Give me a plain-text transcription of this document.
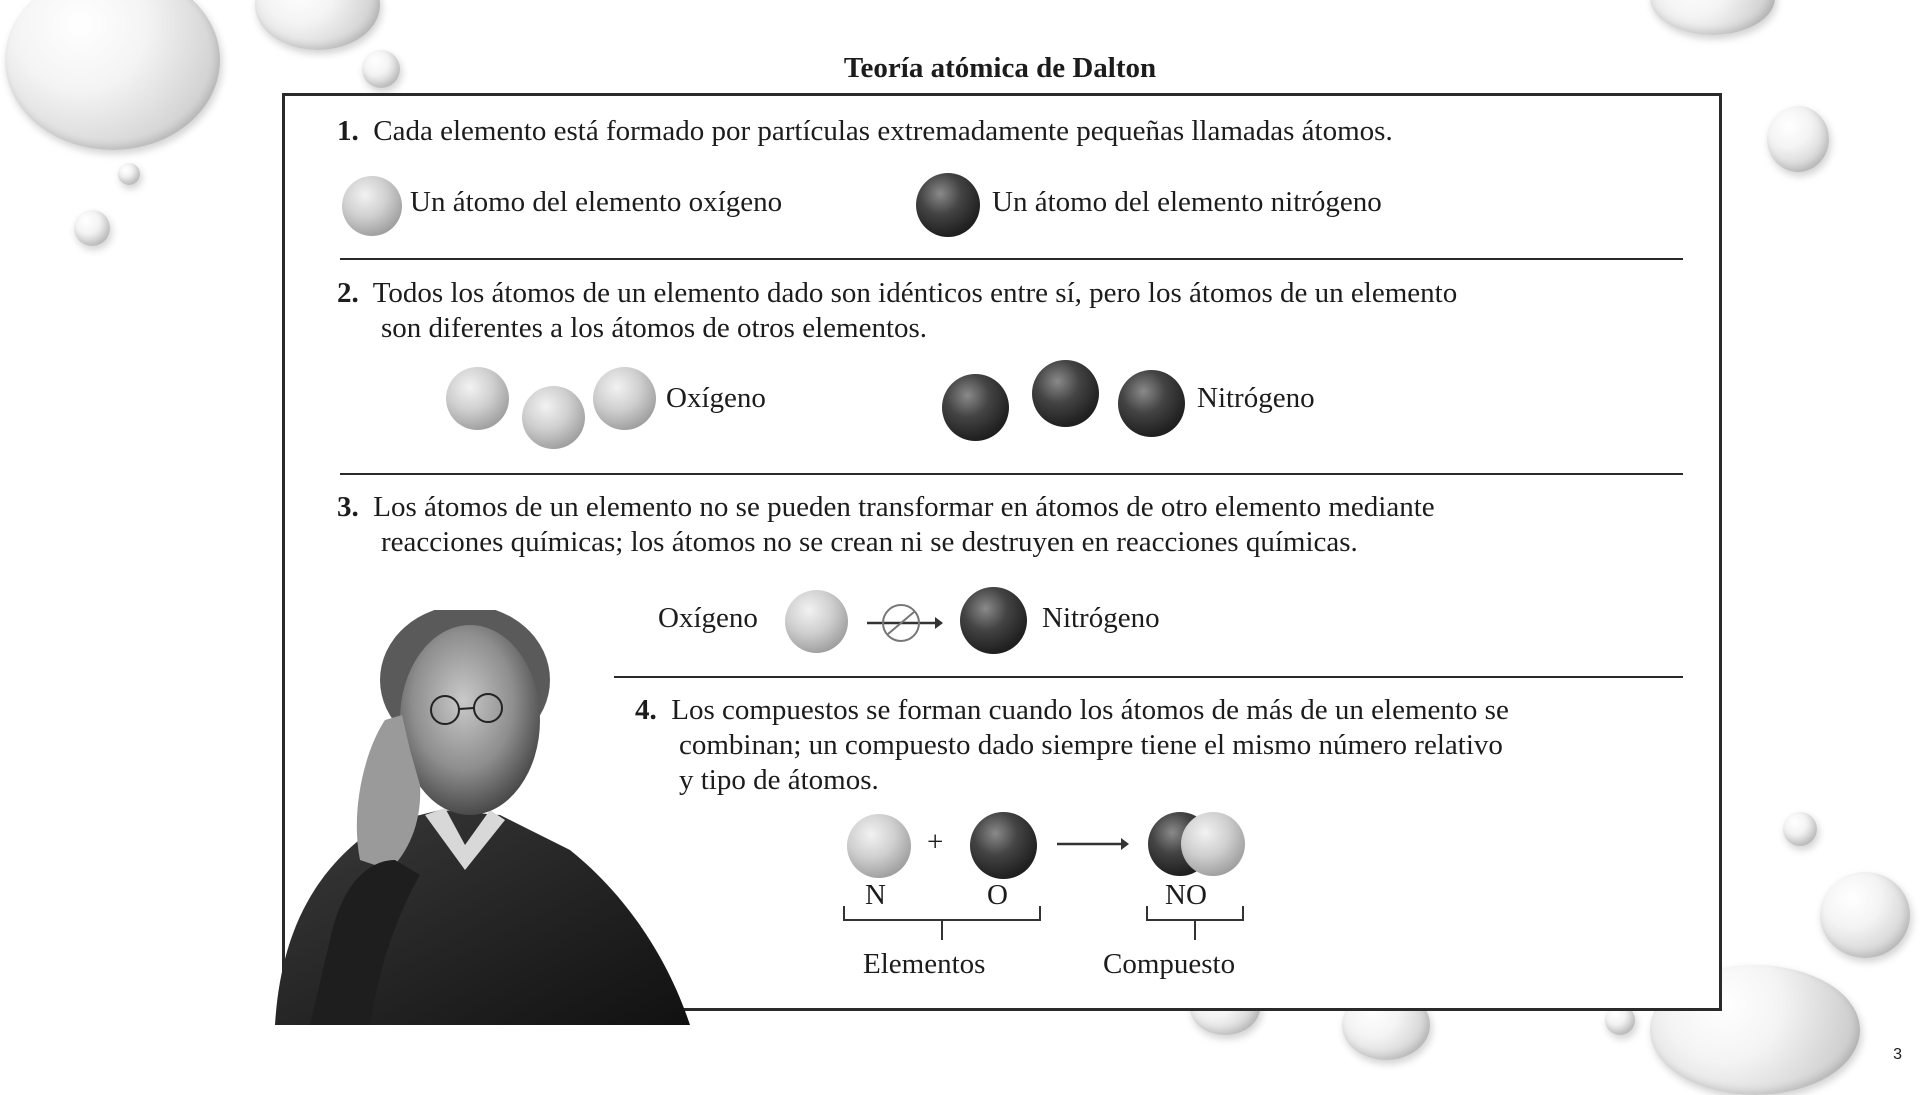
Teoría atómica de Dalton
1. Cada elemento está formado por partículas extremadamente pequeñas llamadas átomos.
Un átomo del elemento oxígeno	Un átomo del elemento nitrógeno
2. Todos los átomos de un elemento dado son idénticos entre sí, pero los átomos de un elemento
son diferentes a los átomos de otros elementos.
Oxígeno	Nitrógeno
3. Los átomos de un elemento no se pueden transformar en átomos de otro elemento mediante
reacciones químicas; los átomos no se crean ni se destruyen en reacciones químicas.
Oxígeno	Nitrógeno
4. Los compuestos se forman cuando los átomos de más de un elemento se
combinan; un compuesto dado siempre tiene el mismo número relativo
y tipo de átomos.
+
N	O	NO
Elementos	Compuesto
3
